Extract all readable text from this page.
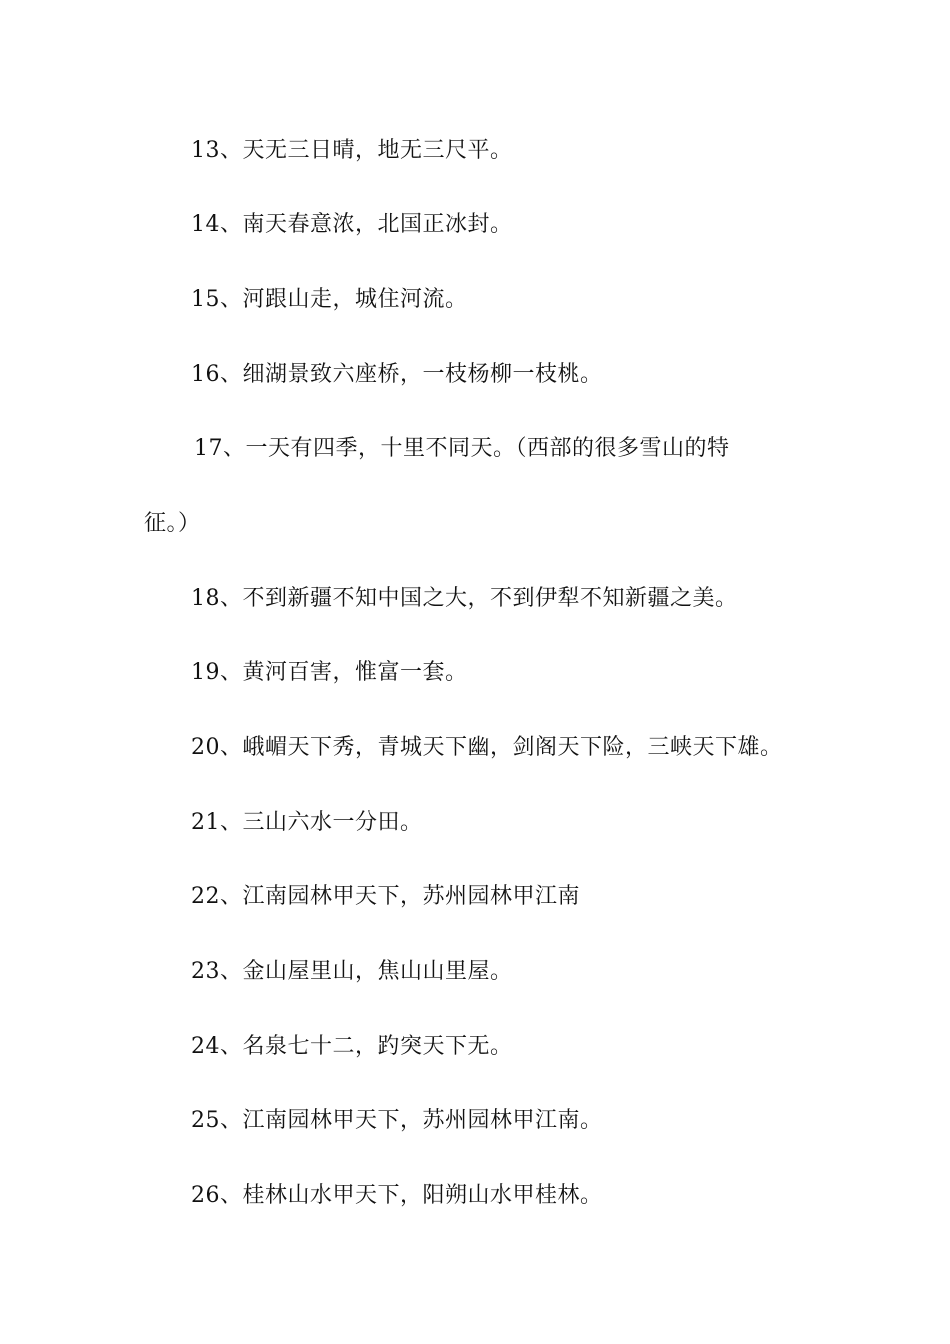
13、天无三日晴，地无三尺平。
14、南天春意浓，北国正冰封。
15、河跟山走，城住河流。
16、细湖景致六座桥，一枝杨柳一枝桃。
17、一天有四季，十里不同天。（西部的很多雪山的特
征。）
18、不到新疆不知中国之大，不到伊犁不知新疆之美。
19、黄河百害，惟富一套。
20、峨嵋天下秀，青城天下幽，剑阁天下险，三峡天下雄。
21、三山六水一分田。
22、江南园林甲天下，苏州园林甲江南
23、金山屋里山，焦山山里屋。
24、名泉七十二，趵突天下无。
25、江南园林甲天下，苏州园林甲江南。
26、桂林山水甲天下，阳朔山水甲桂林。
